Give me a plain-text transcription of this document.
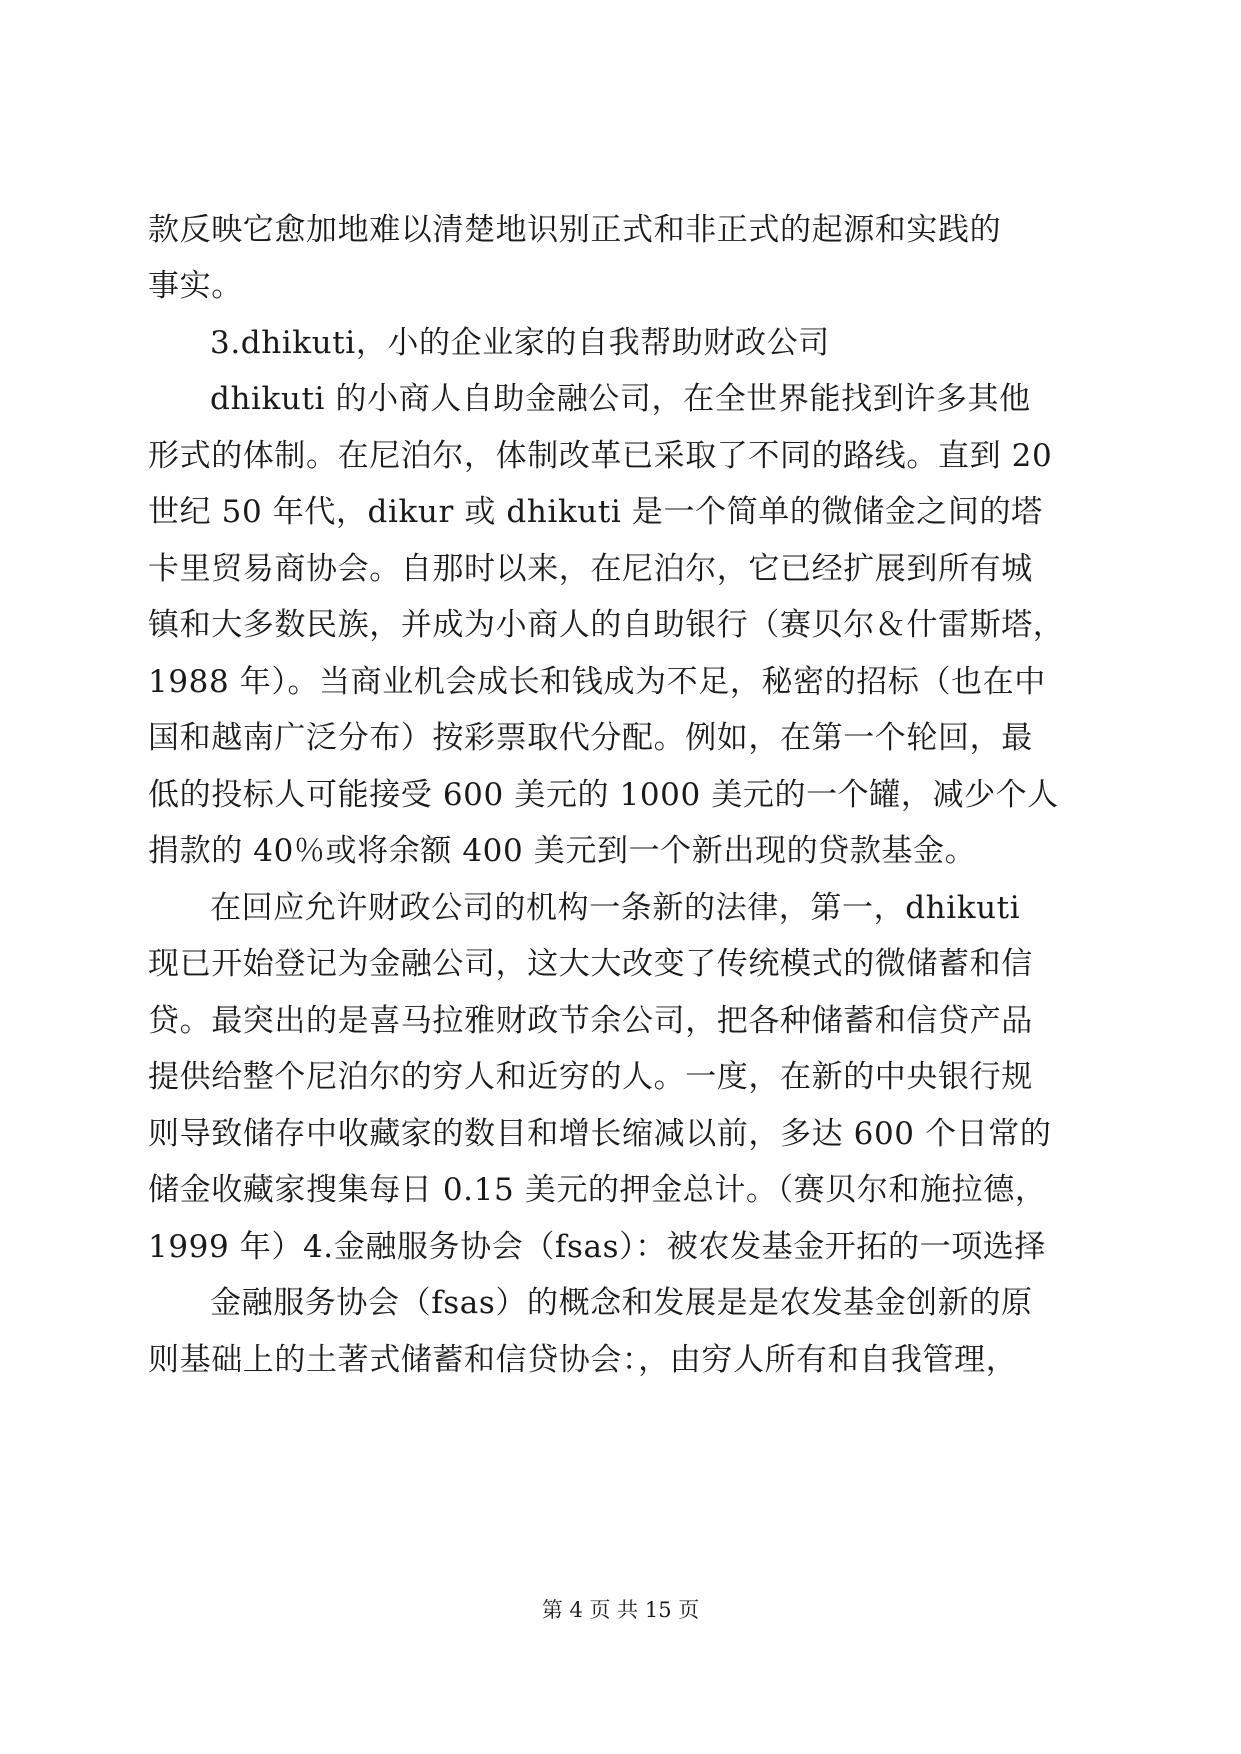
款反映它愈加地难以清楚地识别正式和非正式的起源和实践的
事实。
3.dhikuti，小的企业家的自我帮助财政公司
dhikuti 的小商人自助金融公司，在全世界能找到许多其他
形式的体制。在尼泊尔，体制改革已采取了不同的路线。直到 20
世纪 50 年代，dikur 或 dhikuti 是一个简单的微储金之间的塔
卡里贸易商协会。自那时以来，在尼泊尔，它已经扩展到所有城
镇和大多数民族，并成为小商人的自助银行（赛贝尔＆什雷斯塔，
1988 年）。当商业机会成长和钱成为不足，秘密的招标（也在中
国和越南广泛分布）按彩票取代分配。例如，在第一个轮回，最
低的投标人可能接受 600 美元的 1000 美元的一个罐，减少个人
捐款的 40％或将余额 400 美元到一个新出现的贷款基金。
在回应允许财政公司的机构一条新的法律，第一，dhikuti
现已开始登记为金融公司，这大大改变了传统模式的微储蓄和信
贷。最突出的是喜马拉雅财政节余公司，把各种储蓄和信贷产品
提供给整个尼泊尔的穷人和近穷的人。一度，在新的中央银行规
则导致储存中收藏家的数目和增长缩减以前，多达 600 个日常的
储金收藏家搜集每日 0.15 美元的押金总计。（赛贝尔和施拉德，
1999 年）4.金融服务协会（fsas）：被农发基金开拓的一项选择
金融服务协会（fsas）的概念和发展是是农发基金创新的原
则基础上的土著式储蓄和信贷协会：，由穷人所有和自我管理，
第 4 页 共 15 页
